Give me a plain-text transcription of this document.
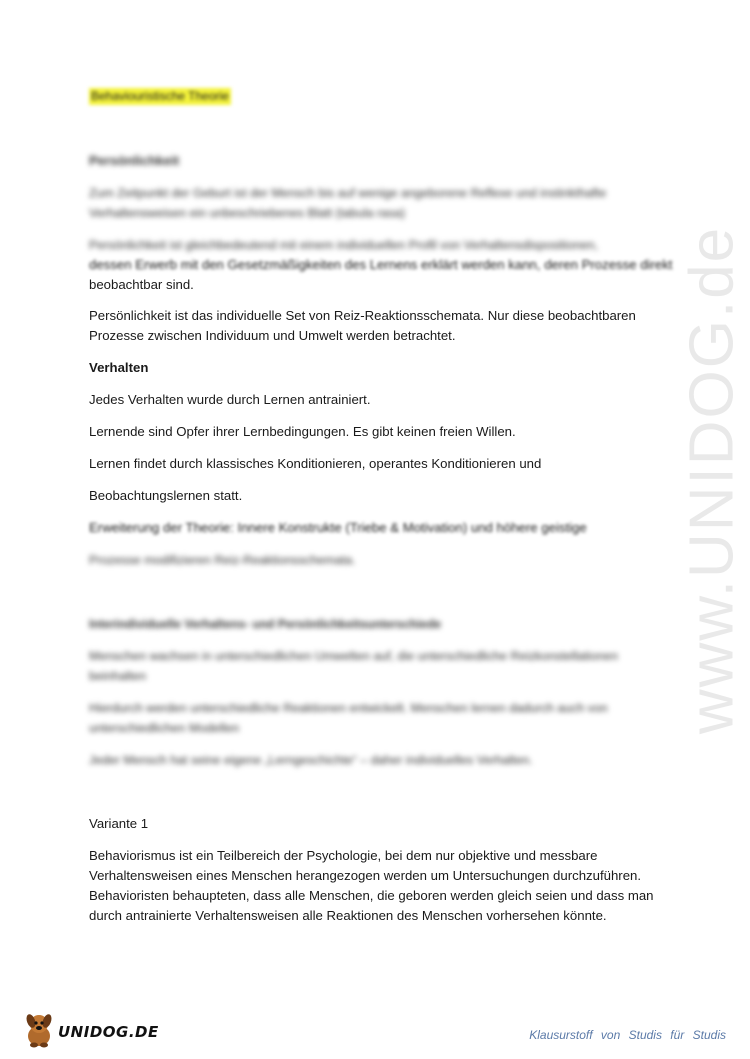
www.UNIDOG.de
Behaviouristische Theorie
Persönlichkeit
Zum Zeitpunkt der Geburt ist der Mensch bis auf wenige angeborene Reflexe und instinkthafte
Verhaltensweisen ein unbeschriebenes Blatt (tabula rasa)
Persönlichkeit ist gleichbedeutend mit einem individuellen Profil von Verhaltensdispositionen,
dessen Erwerb mit den Gesetzmäßigkeiten des Lernens erklärt werden kann, deren Prozesse direkt
beobachtbar sind.
Persönlichkeit ist das individuelle Set von Reiz-Reaktionsschemata. Nur diese beobachtbaren
Prozesse zwischen Individuum und Umwelt werden betrachtet.
Verhalten
Jedes Verhalten wurde durch Lernen antrainiert.
Lernende sind Opfer ihrer Lernbedingungen. Es gibt keinen freien Willen.
Lernen findet durch klassisches Konditionieren, operantes Konditionieren und
Beobachtungslernen statt.
Erweiterung der Theorie: Innere Konstrukte (Triebe & Motivation) und höhere geistige
Prozesse modifizieren Reiz-Reaktionsschemata.
Interindividuelle Verhaltens- und Persönlichkeitsunterschiede
Menschen wachsen in unterschiedlichen Umwelten auf, die unterschiedliche Reizkonstellationen
beinhalten
Hierdurch werden unterschiedliche Reaktionen entwickelt. Menschen lernen dadurch auch von
unterschiedlichen Modellen
Jeder Mensch hat seine eigene „Lerngeschichte“ – daher individuelles Verhalten.
Variante 1
Behaviorismus ist ein Teilbereich der Psychologie, bei dem nur objektive und messbare
Verhaltensweisen eines Menschen herangezogen werden um Untersuchungen durchzuführen.
Behavioristen behaupteten, dass alle Menschen, die geboren werden gleich seien und dass man
durch antrainierte Verhaltensweisen alle Reaktionen des Menschen vorhersehen könnte.
UNIDOG.DE	Klausurstoff von Studis für Studis
